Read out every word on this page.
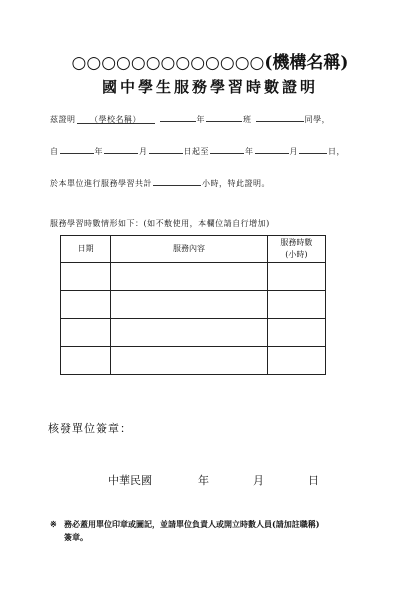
○○○○○○○○○○○○○(機構名稱)
國中學生服務學習時數證明
茲證明 （學校名稱）	年	班	同學，
自	年	月	日起至	年	月	日，
於本單位進行服務學習共計	小時，特此證明。
服務學習時數情形如下：(如不敷使用，本欄位請自行增加)
日期	服務內容	服務時數
(小時)

核發單位簽章：
中華民國	年	月	日
※ 務必蓋用單位印章或圖記，並請單位負責人或開立時數人員(請加註職稱)
簽章。
